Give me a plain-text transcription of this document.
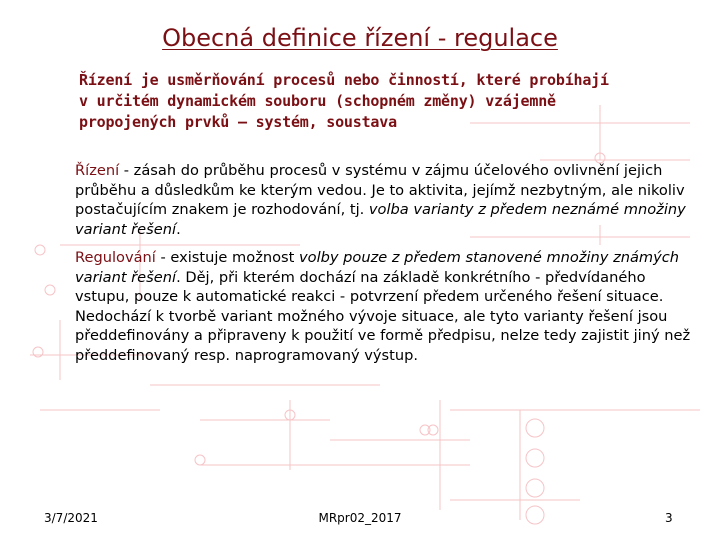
Obecná definice řízení - regulace
Řízení je usměrňování procesů nebo činností, které probíhají
v určitém dynamickém souboru (schopném změny) vzájemně
propojených prvků – systém, soustava
Řízení - zásah do průběhu procesů v systému v zájmu účelového ovlivnění jejich průběhu a důsledkům ke kterým vedou. Je to aktivita, jejímž nezbytným, ale nikoliv postačujícím znakem je rozhodování, tj. volba varianty z předem neznámé množiny variant řešení.
Regulování - existuje možnost volby pouze z předem stanovené množiny známých variant řešení. Děj, při kterém dochází na základě konkrétního - předvídaného vstupu, pouze k automatické reakci - potvrzení předem určeného řešení situace. Nedochází k tvorbě variant možného vývoje situace, ale tyto varianty řešení jsou předdefinovány a připraveny k použití ve formě předpisu, nelze tedy zajistit jiný než předdefinovaný resp. naprogramovaný výstup.
3/7/2021	MRpr02_2017	3
